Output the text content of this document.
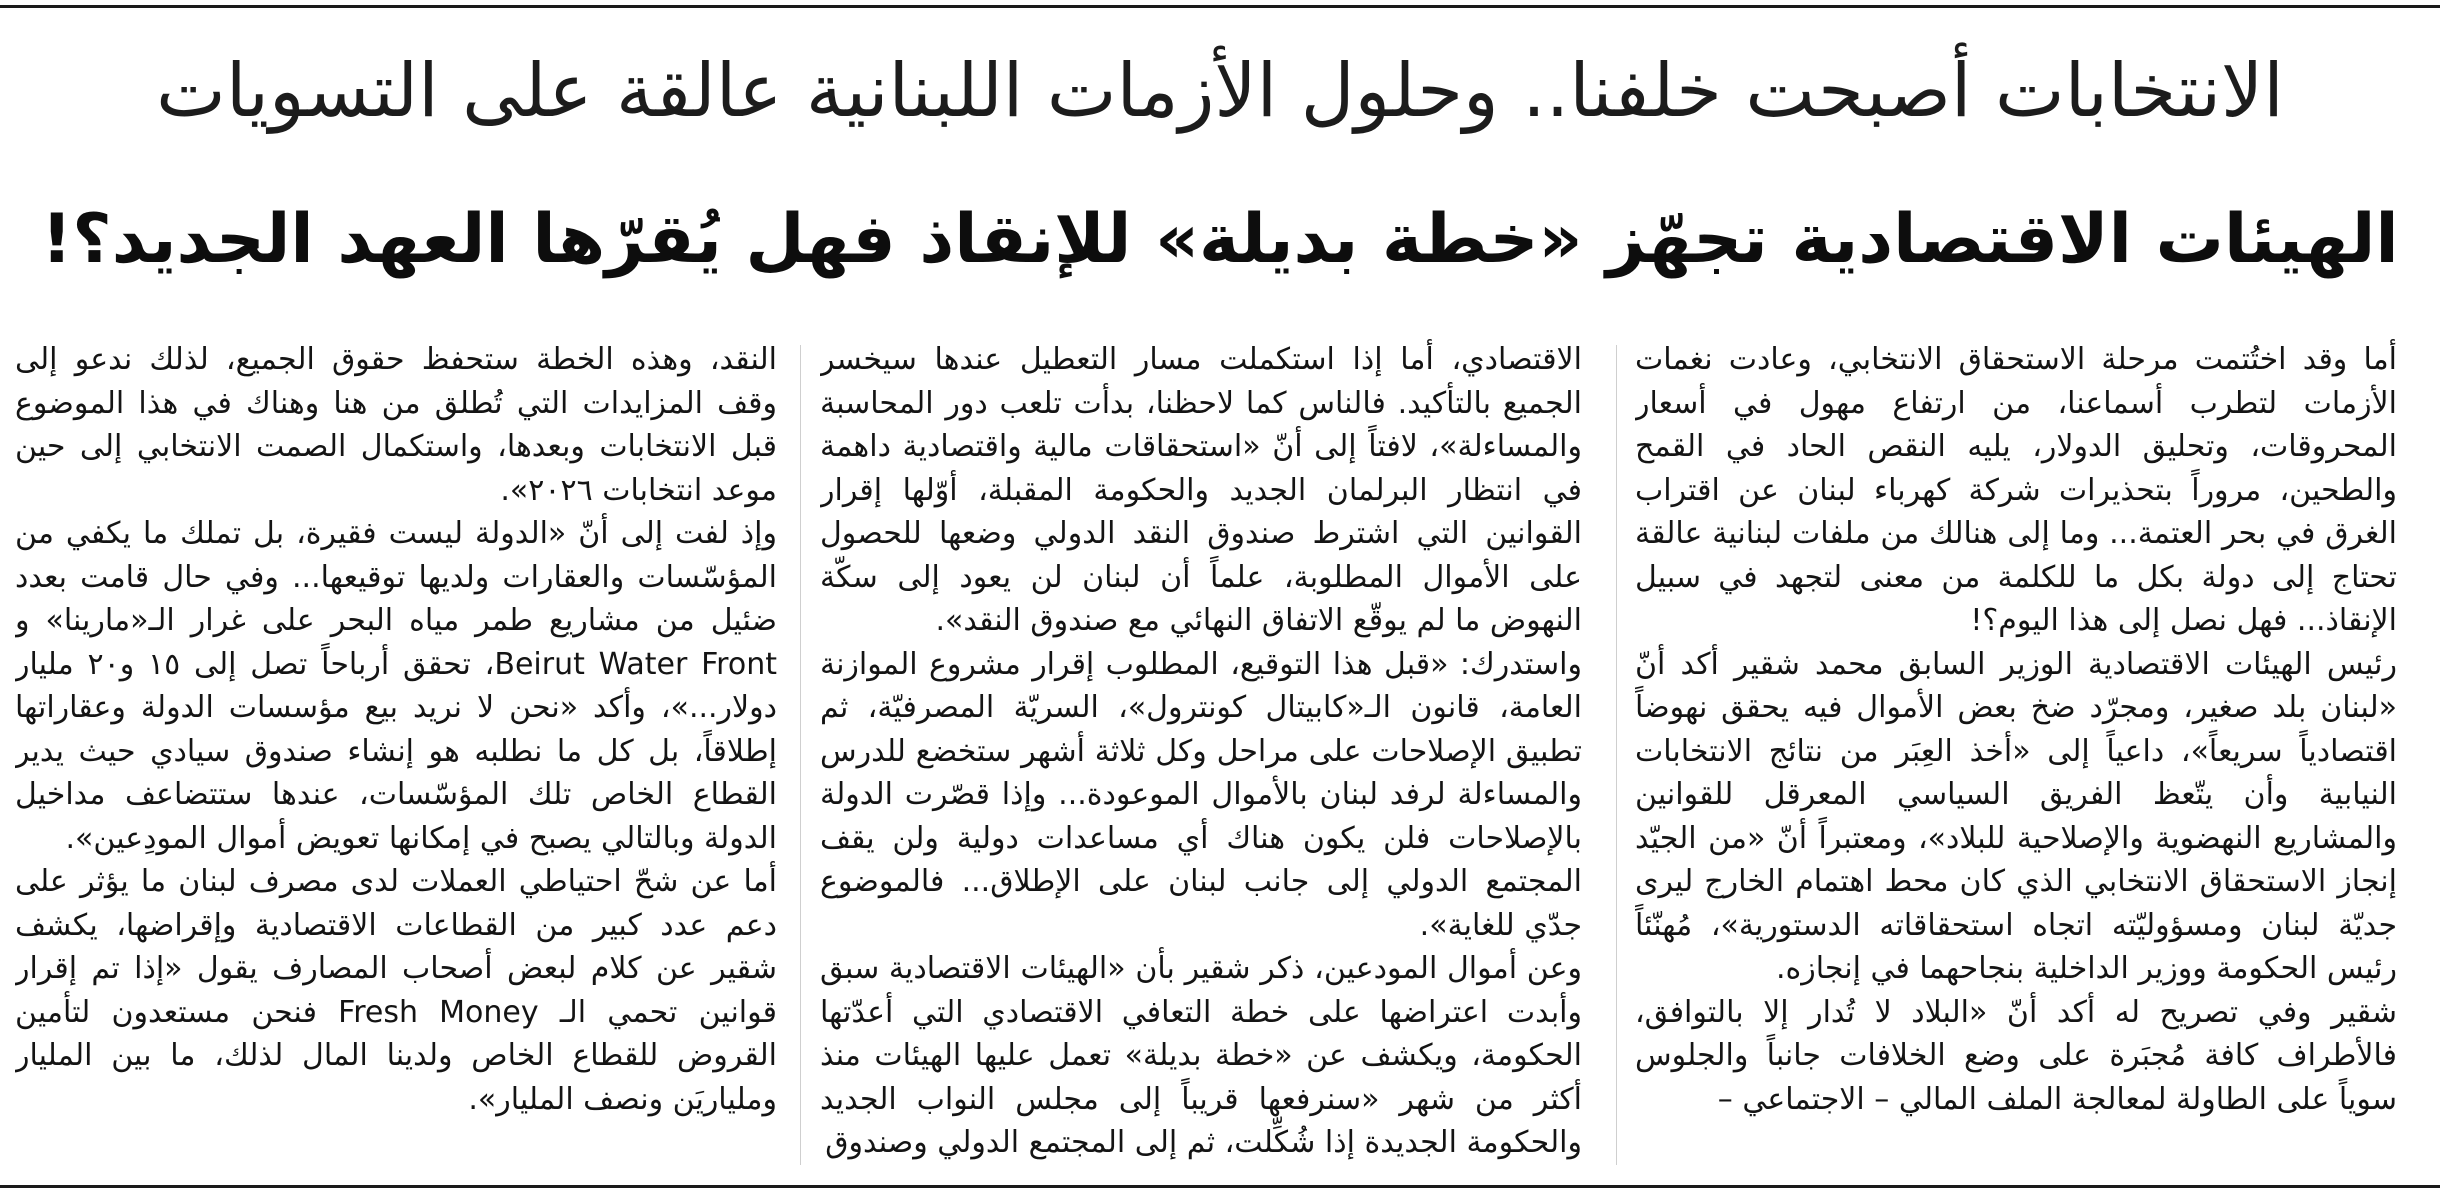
الانتخابات أصبحت خلفنا.. وحلول الأزمات اللبنانية عالقة على التسويات
الهيئات الاقتصادية تجهّز «خطة بديلة» للإنقاذ فهل يُقرّها العهد الجديد؟!

أما وقد اختُتمت مرحلة الاستحقاق الانتخابي، وعادت نغمات الأزمات لتطرب أسماعنا، من ارتفاع مهول في أسعار المحروقات، وتحليق الدولار، يليه النقص الحاد في القمح والطحين، مروراً بتحذيرات شركة كهرباء لبنان عن اقتراب الغرق في بحر العتمة... وما إلى هنالك من ملفات لبنانية عالقة تحتاج إلى دولة بكل ما للكلمة من معنى لتجهد في سبيل الإنقاذ... فهل نصل إلى هذا اليوم؟!

رئيس الهيئات الاقتصادية الوزير السابق محمد شقير أكد أنّ «لبنان بلد صغير، ومجرّد ضخ بعض الأموال فيه يحقق نهوضاً اقتصادياً سريعاً»، داعياً إلى «أخذ العِبَر من نتائج الانتخابات النيابية وأن يتّعظ الفريق السياسي المعرقل للقوانين والمشاريع النهضوية والإصلاحية للبلاد»، ومعتبراً أنّ «من الجيّد إنجاز الاستحقاق الانتخابي الذي كان محط اهتمام الخارج ليرى جديّة لبنان ومسؤوليّته اتجاه استحقاقاته الدستورية»، مُهنّئاً رئيس الحكومة ووزير الداخلية بنجاحهما في إنجازه.

شقير وفي تصريح له أكد أنّ «البلاد لا تُدار إلا بالتوافق، فالأطراف كافة مُجبَرة على وضع الخلافات جانباً والجلوس سوياً على الطاولة لمعالجة الملف المالي – الاجتماعي –

الاقتصادي، أما إذا استكملت مسار التعطيل عندها سيخسر الجميع بالتأكيد. فالناس كما لاحظنا، بدأت تلعب دور المحاسبة والمساءلة»، لافتاً إلى أنّ «استحقاقات مالية واقتصادية داهمة في انتظار البرلمان الجديد والحكومة المقبلة، أوّلها إقرار القوانين التي اشترط صندوق النقد الدولي وضعها للحصول على الأموال المطلوبة، علماً أن لبنان لن يعود إلى سكّة النهوض ما لم يوقّع الاتفاق النهائي مع صندوق النقد».

واستدرك: «قبل هذا التوقيع، المطلوب إقرار مشروع الموازنة العامة، قانون الـ«كابيتال كونترول»، السريّة المصرفيّة، ثم تطبيق الإصلاحات على مراحل وكل ثلاثة أشهر ستخضع للدرس والمساءلة لرفد لبنان بالأموال الموعودة... وإذا قصّرت الدولة بالإصلاحات فلن يكون هناك أي مساعدات دولية ولن يقف المجتمع الدولي إلى جانب لبنان على الإطلاق... فالموضوع جدّي للغاية».

وعن أموال المودعين، ذكر شقير بأن «الهيئات الاقتصادية سبق وأبدت اعتراضها على خطة التعافي الاقتصادي التي أعدّتها الحكومة، ويكشف عن «خطة بديلة» تعمل عليها الهيئات منذ أكثر من شهر «سنرفعها قريباً إلى مجلس النواب الجديد والحكومة الجديدة إذا شُكِّلت، ثم إلى المجتمع الدولي وصندوق

النقد، وهذه الخطة ستحفظ حقوق الجميع، لذلك ندعو إلى وقف المزايدات التي تُطلق من هنا وهناك في هذا الموضوع قبل الانتخابات وبعدها، واستكمال الصمت الانتخابي إلى حين موعد انتخابات ٢٠٢٦».

وإذ لفت إلى أنّ «الدولة ليست فقيرة، بل تملك ما يكفي من المؤسّسات والعقارات ولديها توقيعها... وفي حال قامت بعدد ضئيل من مشاريع طمر مياه البحر على غرار الـ«مارينا» و Beirut Water Front، تحقق أرباحاً تصل إلى ١٥ و٢٠ مليار دولار...»، وأكد «نحن لا نريد بيع مؤسسات الدولة وعقاراتها إطلاقاً، بل كل ما نطلبه هو إنشاء صندوق سيادي حيث يدير القطاع الخاص تلك المؤسّسات، عندها ستتضاعف مداخيل الدولة وبالتالي يصبح في إمكانها تعويض أموال المودِعين».

أما عن شحّ احتياطي العملات لدى مصرف لبنان ما يؤثر على دعم عدد كبير من القطاعات الاقتصادية وإقراضها، يكشف شقير عن كلام لبعض أصحاب المصارف يقول «إذا تم إقرار قوانين تحمي الـ Fresh Money فنحن مستعدون لتأمين القروض للقطاع الخاص ولدينا المال لذلك، ما بين المليار وملياريَن ونصف المليار».
